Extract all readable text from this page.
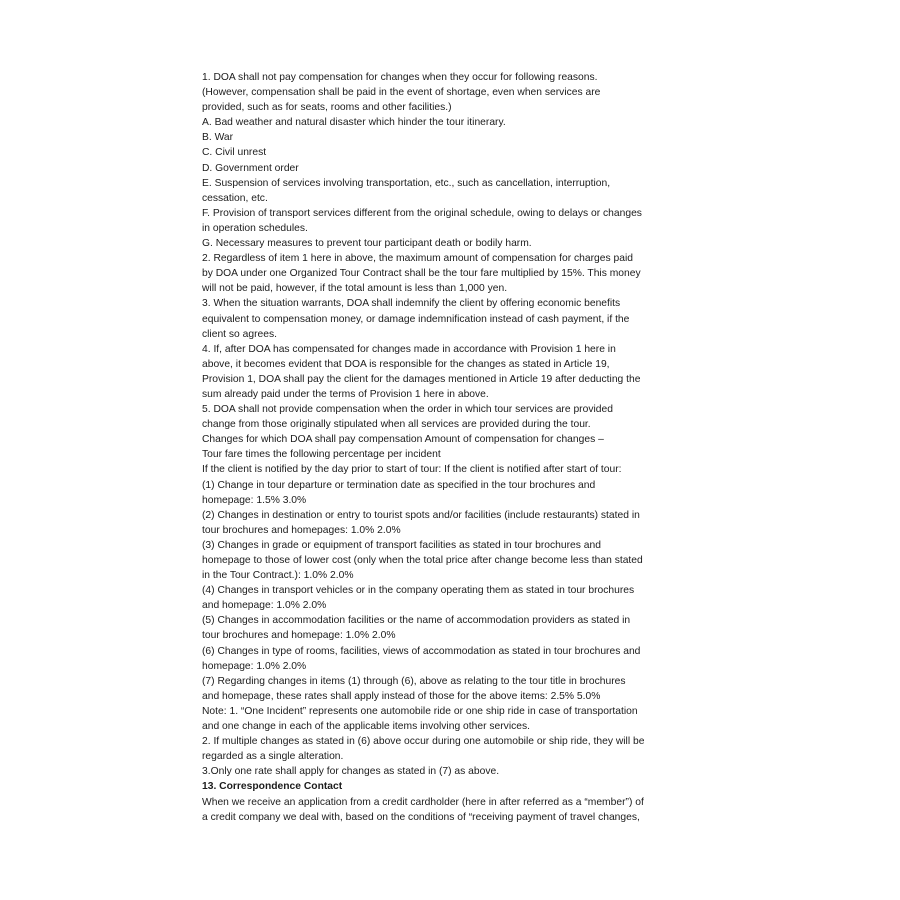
1. DOA shall not pay compensation for changes when they occur for following reasons.
(However, compensation shall be paid in the event of shortage, even when services are
provided, such as for seats, rooms and other facilities.)
A. Bad weather and natural disaster which hinder the tour itinerary.
B. War
C. Civil unrest
D. Government order
E. Suspension of services involving transportation, etc., such as cancellation, interruption,
cessation, etc.
F. Provision of transport services different from the original schedule, owing to delays or changes
in operation schedules.
G. Necessary measures to prevent tour participant death or bodily harm.
2. Regardless of item 1 here in above, the maximum amount of compensation for charges paid
by DOA under one Organized Tour Contract shall be the tour fare multiplied by 15%. This money
will not be paid, however, if the total amount is less than 1,000 yen.
3. When the situation warrants, DOA shall indemnify the client by offering economic benefits
equivalent to compensation money, or damage indemnification instead of cash payment, if the
client so agrees.
4. If, after DOA has compensated for changes made in accordance with Provision 1 here in
above, it becomes evident that DOA is responsible for the changes as stated in Article 19,
Provision 1, DOA shall pay the client for the damages mentioned in Article 19 after deducting the
sum already paid under the terms of Provision 1 here in above.
5. DOA shall not provide compensation when the order in which tour services are provided
change from those originally stipulated when all services are provided during the tour.
Changes for which DOA shall pay compensation Amount of compensation for changes –
Tour fare times the following percentage per incident
If the client is notified by the day prior to start of tour: If the client is notified after start of tour:
(1) Change in tour departure or termination date as specified in the tour brochures and
homepage: 1.5% 3.0%
(2) Changes in destination or entry to tourist spots and/or facilities (include restaurants) stated in
tour brochures and homepages: 1.0% 2.0%
(3) Changes in grade or equipment of transport facilities as stated in tour brochures and
homepage to those of lower cost (only when the total price after change become less than stated
in the Tour Contract.): 1.0% 2.0%
(4) Changes in transport vehicles or in the company operating them as stated in tour brochures
and homepage: 1.0% 2.0%
(5) Changes in accommodation facilities or the name of accommodation providers as stated in
tour brochures and homepage: 1.0% 2.0%
(6) Changes in type of rooms, facilities, views of accommodation as stated in tour brochures and
homepage: 1.0% 2.0%
(7) Regarding changes in items (1) through (6), above as relating to the tour title in brochures
and homepage, these rates shall apply instead of those for the above items: 2.5% 5.0%
Note: 1. “One Incident” represents one automobile ride or one ship ride in case of transportation
and one change in each of the applicable items involving other services.
2. If multiple changes as stated in (6) above occur during one automobile or ship ride, they will be
regarded as a single alteration.
3.Only one rate shall apply for changes as stated in (7) as above.
13. Correspondence Contact
When we receive an application from a credit cardholder (here in after referred as a “member”) of
a credit company we deal with, based on the conditions of “receiving payment of travel changes,
